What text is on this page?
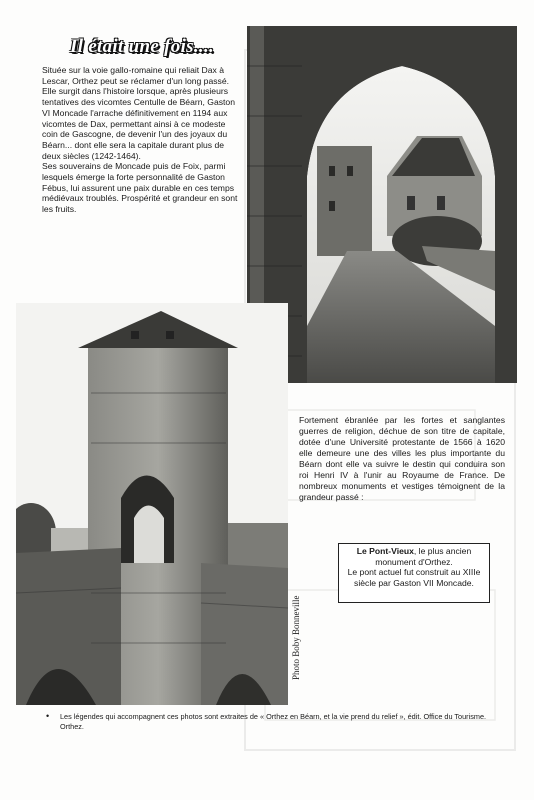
Il était une fois....

Située sur la voie gallo-romaine qui reliait Dax à Lescar, Orthez peut se réclamer d'un long passé.

Elle surgit dans l'histoire lorsque, après plusieurs tentatives des vicomtes Centulle de Béarn, Gaston VI Moncade l'arrache définitivement en 1194 aux vicomtes de Dax, permettant ainsi à ce modeste coin de Gascogne, de devenir l'un des joyaux du Béarn... dont elle sera la capitale durant plus de deux siècles (1242-1464).

Ses souverains de Moncade puis de Foix, parmi lesquels émerge la forte personnalité de Gaston Fébus, lui assurent une paix durable en ces temps médiévaux troublés. Prospérité et grandeur en sont les fruits.

Photo Boby Bonneville

Fortement ébranlée par les fortes et sanglantes guerres de religion, déchue de son titre de capitale, dotée d'une Université protestante de 1566 à 1620 elle demeure une des villes les plus importante du Béarn dont elle va suivre le destin qui conduira son roi Henri IV à l'unir au Royaume de France. De nombreux monuments et vestiges témoignent de la grandeur passé :

Le Pont-Vieux, le plus ancien monument d'Orthez.
Le pont actuel fut construit au XIIIe siècle par Gaston VII Moncade.
• Les légendes qui accompagnent ces photos sont extraites de « Orthez en Béarn, et la vie prend du relief », édit. Office du Tourisme. Orthez.
